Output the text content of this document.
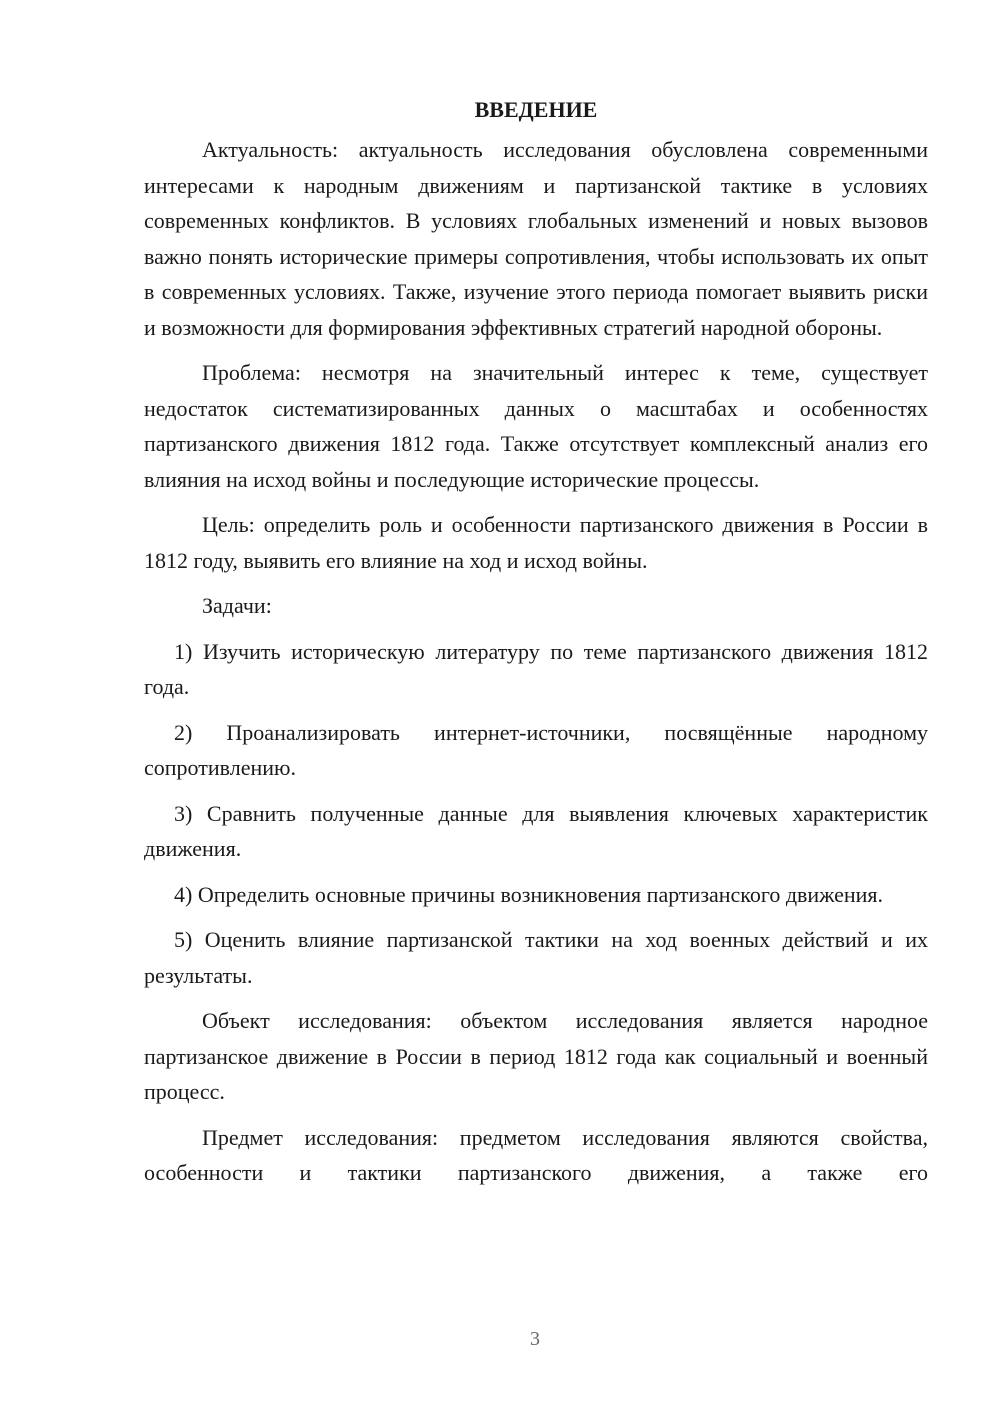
ВВЕДЕНИЕ

Актуальность: актуальность исследования обусловлена современными интересами к народным движениям и партизанской тактике в условиях современных конфликтов. В условиях глобальных изменений и новых вызовов важно понять исторические примеры сопротивления, чтобы использовать их опыт в современных условиях. Также, изучение этого периода помогает выявить риски и возможности для формирования эффективных стратегий народной обороны.

Проблема: несмотря на значительный интерес к теме, существует недостаток систематизированных данных о масштабах и особенностях партизанского движения 1812 года. Также отсутствует комплексный анализ его влияния на исход войны и последующие исторические процессы.

Цель: определить роль и особенности партизанского движения в России в 1812 году, выявить его влияние на ход и исход войны.

Задачи:

1) Изучить историческую литературу по теме партизанского движения 1812 года.

2) Проанализировать интернет-источники, посвящённые народному сопротивлению.

3) Сравнить полученные данные для выявления ключевых характеристик движения.

4) Определить основные причины возникновения партизанского движения.

5) Оценить влияние партизанской тактики на ход военных действий и их результаты.

Объект исследования: объектом исследования является народное партизанское движение в России в период 1812 года как социальный и военный процесс.

Предмет исследования: предметом исследования являются свойства, особенности и тактики партизанского движения, а также его

3
